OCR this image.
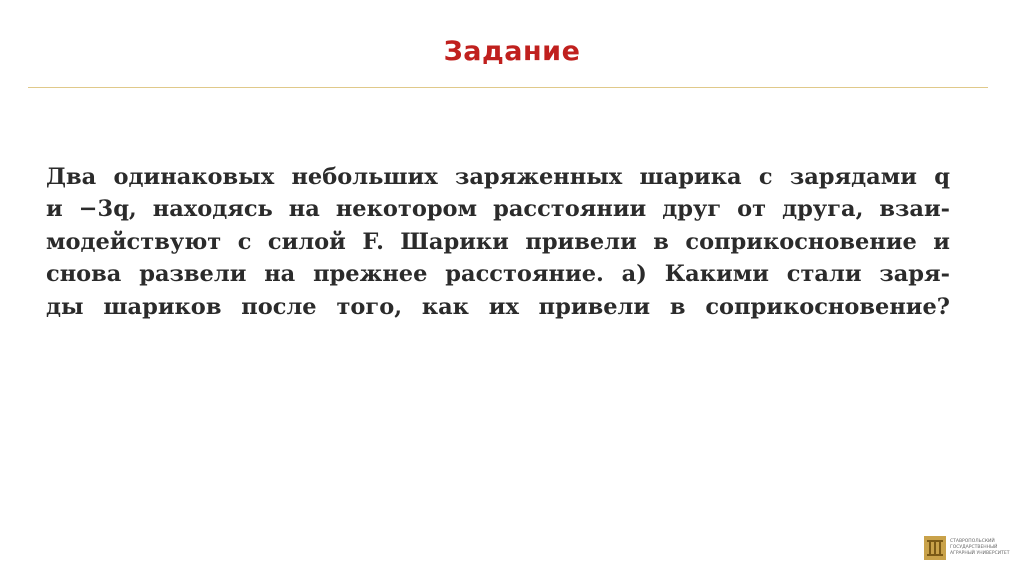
Задание
Два одинаковых небольших заряженных шарика с зарядами q
и −3q, находясь на некотором расстоянии друг от друга, взаи-
модействуют с силой F. Шарики привели в соприкосновение и
снова развели на прежнее расстояние. а) Какими стали заря-
ды шариков после того, как их привели в соприкосновение?
СТАВРОПОЛЬСКИЙ
ГОСУДАРСТВЕННЫЙ
АГРАРНЫЙ УНИВЕРСИТЕТ
